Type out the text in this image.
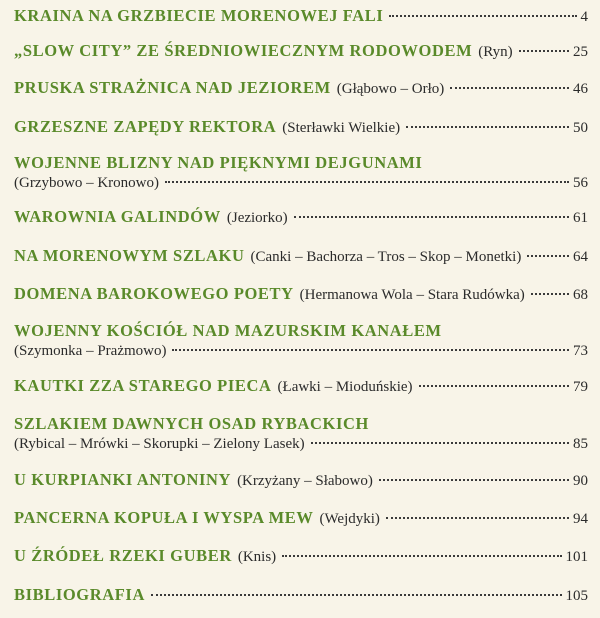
KRAINA NA GRZBIECIE MORENOWEJ FALI	4
„SLOW CITY” ZE ŚREDNIOWIECZNYM RODOWODEM (Ryn)	25
PRUSKA STRAŻNICA NAD JEZIOREM (Głąbowo – Orło)	46
GRZESZNE ZAPĘDY REKTORA (Sterławki Wielkie)	50
WOJENNE BLIZNY NAD PIĘKNYMI DEJGUNAMI
(Grzybowo – Kronowo)	56
WAROWNIA GALINDÓW (Jeziorko)	61
NA MORENOWYM SZLAKU (Canki – Bachorza – Tros – Skop – Monetki)	64
DOMENA BAROKOWEGO POETY (Hermanowa Wola – Stara Rudówka)	68
WOJENNY KOŚCIÓŁ NAD MAZURSKIM KANAŁEM
(Szymonka – Prażmowo)	73
KAUTKI ZZA STAREGO PIECA (Ławki – Mioduńskie)	79
SZLAKIEM DAWNYCH OSAD RYBACKICH
(Rybical – Mrówki – Skorupki – Zielony Lasek)	85
U KURPIANKI ANTONINY (Krzyżany – Słabowo)	90
PANCERNA KOPUŁA I WYSPA MEW (Wejdyki)	94
U ŹRÓDEŁ RZEKI GUBER (Knis)	101
BIBLIOGRAFIA	105
